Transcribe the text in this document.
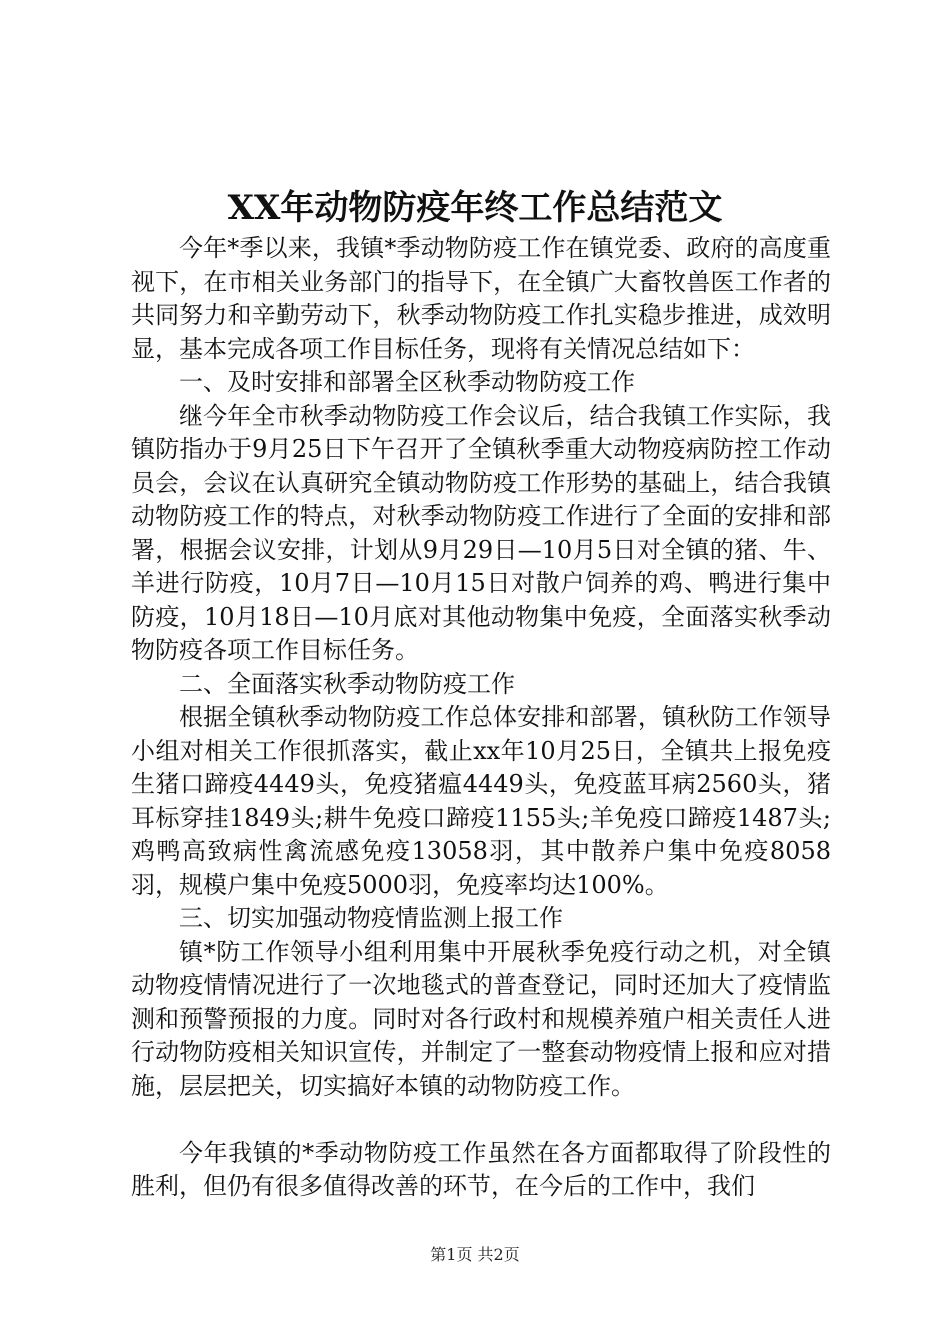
XX年动物防疫年终工作总结范文

今年*季以来，我镇*季动物防疫工作在镇党委、政府的高度重视下，在市相关业务部门的指导下，在全镇广大畜牧兽医工作者的共同努力和辛勤劳动下，秋季动物防疫工作扎实稳步推进，成效明显，基本完成各项工作目标任务，现将有关情况总结如下：

一、及时安排和部署全区秋季动物防疫工作

继今年全市秋季动物防疫工作会议后，结合我镇工作实际，我镇防指办于9月25日下午召开了全镇秋季重大动物疫病防控工作动员会，会议在认真研究全镇动物防疫工作形势的基础上，结合我镇动物防疫工作的特点，对秋季动物防疫工作进行了全面的安排和部署，根据会议安排，计划从9月29日—10月5日对全镇的猪、牛、羊进行防疫，10月7日—10月15日对散户饲养的鸡、鸭进行集中防疫，10月18日—10月底对其他动物集中免疫，全面落实秋季动物防疫各项工作目标任务。

二、全面落实秋季动物防疫工作

根据全镇秋季动物防疫工作总体安排和部署，镇秋防工作领导小组对相关工作很抓落实，截止xx年10月25日，全镇共上报免疫生猪口蹄疫4449头，免疫猪瘟4449头，免疫蓝耳病2560头，猪耳标穿挂1849头;耕牛免疫口蹄疫1155头;羊免疫口蹄疫1487头;鸡鸭高致病性禽流感免疫13058羽，其中散养户集中免疫8058羽，规模户集中免疫5000羽，免疫率均达100%。

三、切实加强动物疫情监测上报工作

镇*防工作领导小组利用集中开展秋季免疫行动之机，对全镇动物疫情情况进行了一次地毯式的普查登记，同时还加大了疫情监测和预警预报的力度。同时对各行政村和规模养殖户相关责任人进行动物防疫相关知识宣传，并制定了一整套动物疫情上报和应对措施，层层把关，切实搞好本镇的动物防疫工作。

今年我镇的*季动物防疫工作虽然在各方面都取得了阶段性的胜利，但仍有很多值得改善的环节，在今后的工作中，我们

第1页 共2页
